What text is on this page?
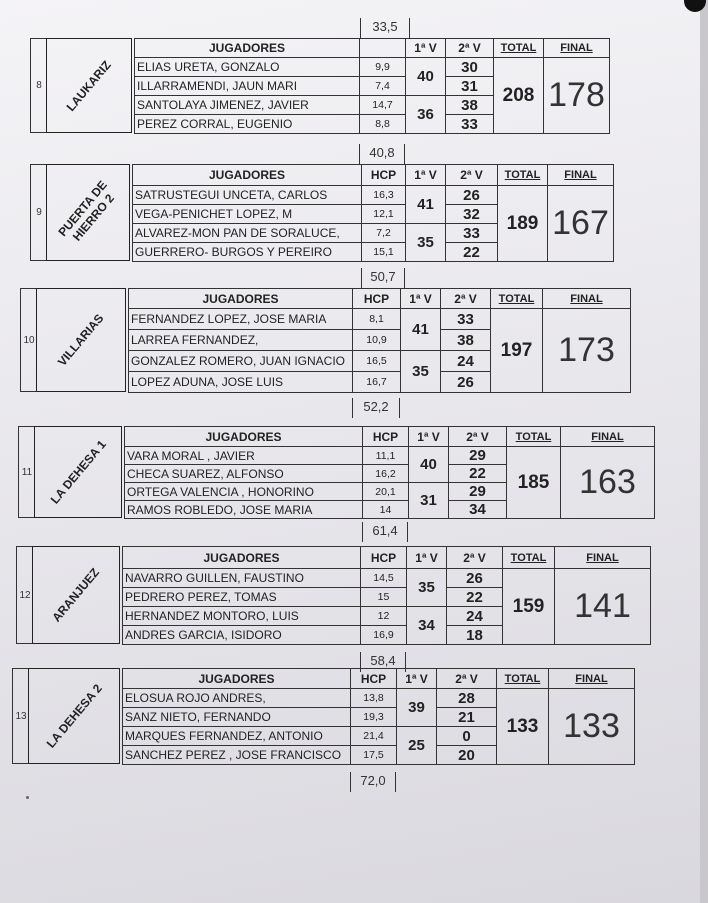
33,5
8	LAUKARIZ
JUGADORES		1ª V	2ª V	TOTAL	FINAL
ELIAS URETA, GONZALO	9,9	40	30	208	178
ILLARRAMENDI, JAUN MARI	7,4		31		
SANTOLAYA JIMENEZ, JAVIER	14,7	36	38		
PEREZ CORRAL, EUGENIO	8,8		33		
40,8
9	PUERTA DE
HIERRO 2
JUGADORES	HCP	1ª V	2ª V	TOTAL	FINAL
SATRUSTEGUI UNCETA, CARLOS	16,3	41	26	189	167
VEGA-PENICHET LOPEZ, M	12,1		32		
ALVAREZ-MON PAN DE SORALUCE,	7,2	35	33		
GUERRERO- BURGOS Y PEREIRO	15,1		22		
50,7
10 VILLARIAS
JUGADORES	HCP	1ª V	2ª V	TOTAL	FINAL
FERNANDEZ LOPEZ, JOSE MARIA	8,1	41	33	197	173
LARREA FERNANDEZ,	10,9		38		
GONZALEZ ROMERO, JUAN IGNACIO	16,5	35	24		
LOPEZ ADUNA, JOSE LUIS	16,7		26		
52,2
11 LA DEHESA 1
JUGADORES	HCP	1ª V	2ª V	TOTAL	FINAL
VARA MORAL , JAVIER	11,1	40	29	185	163
CHECA SUAREZ, ALFONSO	16,2		22		
ORTEGA VALENCIA , HONORINO	20,1	31	29		
RAMOS ROBLEDO, JOSE MARIA	14		34		
61,4
12 ARANJUEZ
JUGADORES	HCP	1ª V	2ª V	TOTAL	FINAL
NAVARRO GUILLEN, FAUSTINO	14,5	35	26	159	141
PEDRERO PEREZ, TOMAS	15		22		
HERNANDEZ MONTORO, LUIS	12	34	24		
ANDRES GARCIA, ISIDORO	16,9		18		
58,4
13 LA DEHESA 2
JUGADORES	HCP	1ª V	2ª V	TOTAL	FINAL
ELOSUA ROJO ANDRES,	13,8	39	28	133	133
SANZ NIETO, FERNANDO	19,3		21		
MARQUES FERNANDEZ, ANTONIO	21,4	25	0		
SANCHEZ PEREZ , JOSE FRANCISCO	17,5		20		
72,0
